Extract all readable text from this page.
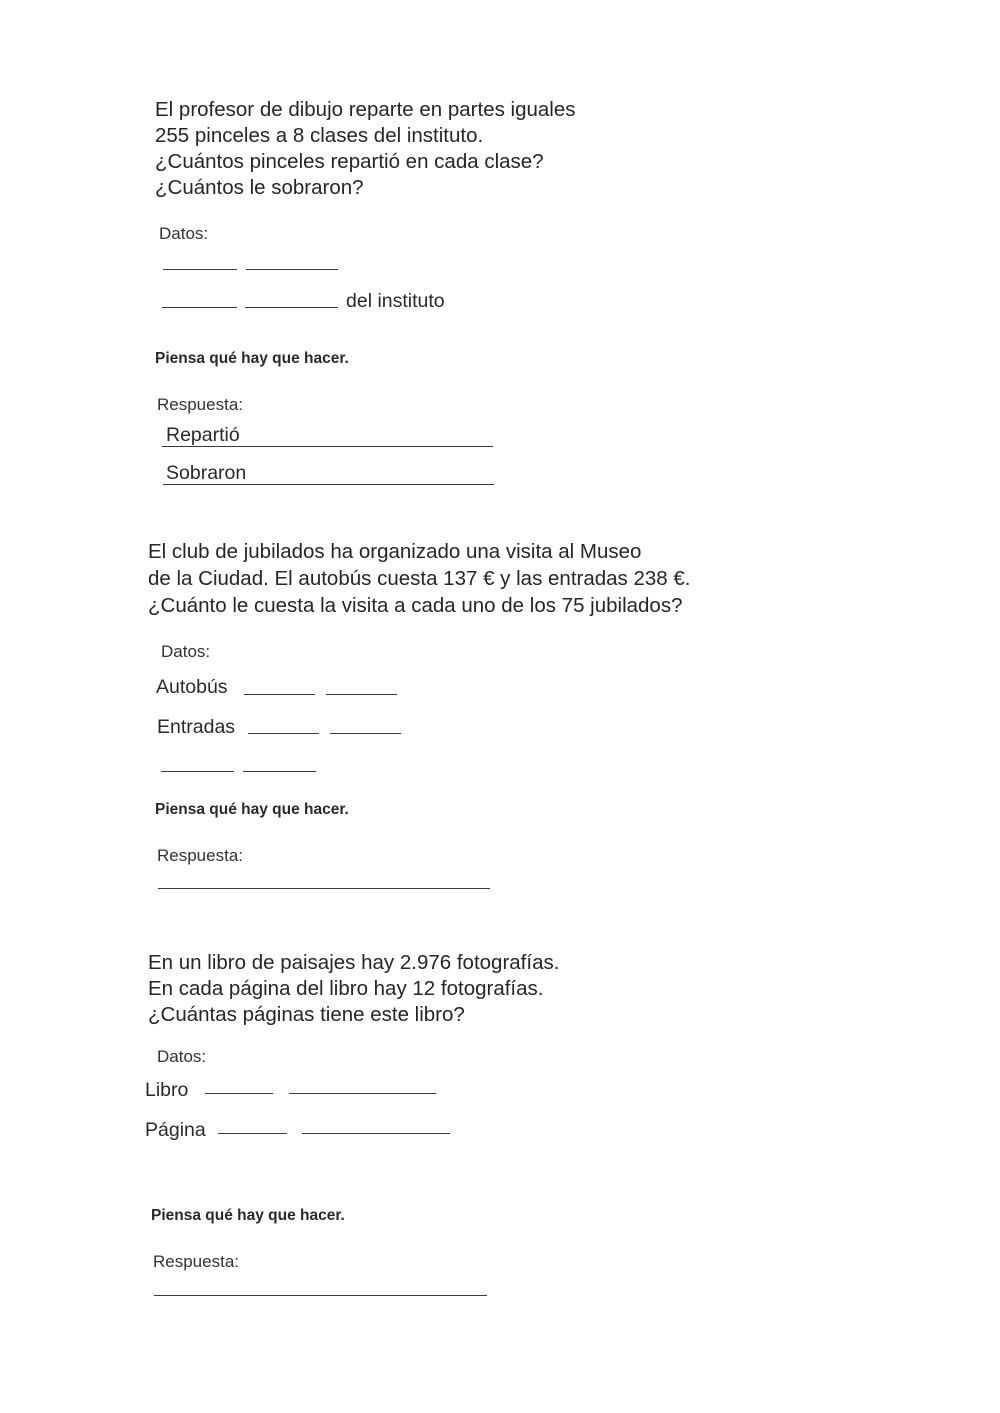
El profesor de dibujo reparte en partes iguales
255 pinceles a 8 clases del instituto.
¿Cuántos pinceles repartió en cada clase?
¿Cuántos le sobraron?
Datos:
del instituto
Piensa qué hay que hacer.
Respuesta:
Repartió
Sobraron
El club de jubilados ha organizado una visita al Museo
de la Ciudad. El autobús cuesta 137 € y las entradas 238 €.
¿Cuánto le cuesta la visita a cada uno de los 75 jubilados?
Datos:
Autobús
Entradas
Piensa qué hay que hacer.
Respuesta:
En un libro de paisajes hay 2.976 fotografías.
En cada página del libro hay 12 fotografías.
¿Cuántas páginas tiene este libro?
Datos:
Libro
Página
Piensa qué hay que hacer.
Respuesta:
